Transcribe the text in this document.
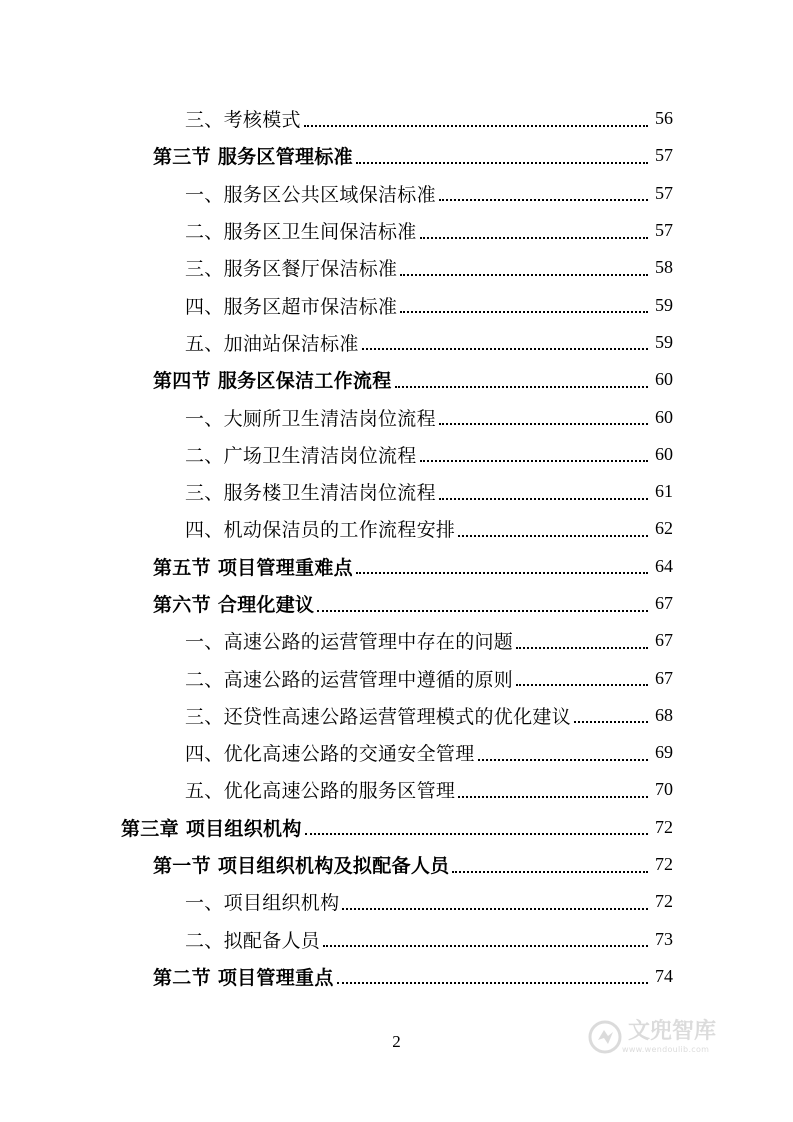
三、考核模式	56
第三节 服务区管理标准	57
一、服务区公共区域保洁标准	57
二、服务区卫生间保洁标准	57
三、服务区餐厅保洁标准	58
四、服务区超市保洁标准	59
五、加油站保洁标准	59
第四节 服务区保洁工作流程	60
一、大厕所卫生清洁岗位流程	60
二、广场卫生清洁岗位流程	60
三、服务楼卫生清洁岗位流程	61
四、机动保洁员的工作流程安排	62
第五节 项目管理重难点	64
第六节 合理化建议	67
一、高速公路的运营管理中存在的问题	67
二、高速公路的运营管理中遵循的原则	67
三、还贷性高速公路运营管理模式的优化建议	68
四、优化高速公路的交通安全管理	69
五、优化高速公路的服务区管理	70
第三章 项目组织机构	72
第一节 项目组织机构及拟配备人员	72
一、项目组织机构	72
二、拟配备人员	73
第二节 项目管理重点	74
2	文兜智库
www.wendoulib.com
